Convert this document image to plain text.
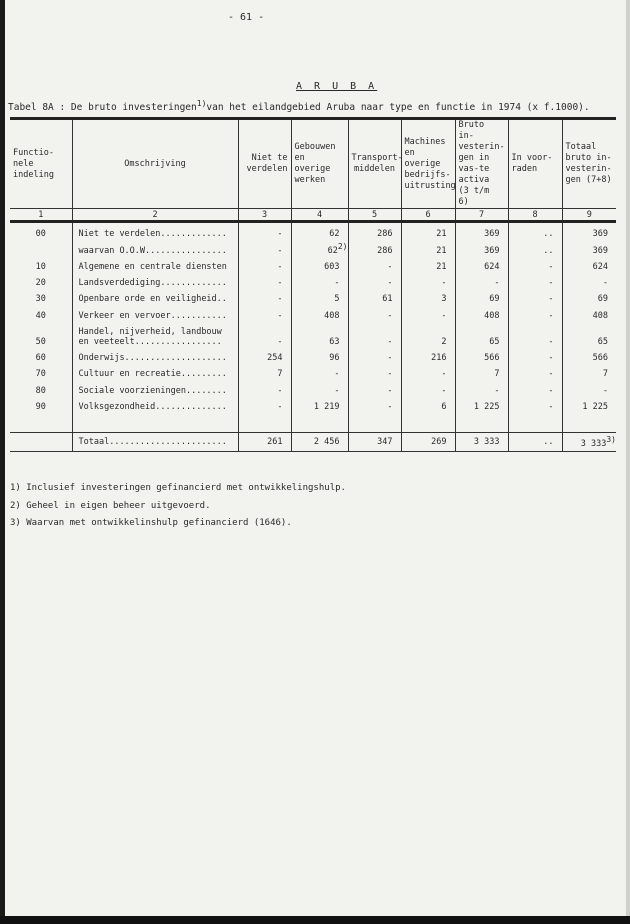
- 61 -
A R U B A
Tabel 8A : De bruto investeringen$^{1)}$van het eilandgebied Aruba naar type en functie in 1974 (x f.1000).
Functio-nele indeling	Omschrijving	Niet te verdelen	Gebouwen en overige werken	Transport-middelen	Machines en overige bedrijfs-uitrusting	Bruto in-vesterin-gen in vas-te activa (3 t/m 6)	In voor-raden	Totaal bruto in-vesterin-gen (7+8)
1	2	3	4	5	6	7	8	9
00	Niet te verdelen.............	-	62	286	21	369	..	369
	waarvan O.O.W................	-	62$^{2)}$	286	21	369	..	369
10	Algemene en centrale diensten	-	603	-	21	624	-	624
20	Landsverdediging.............	-	-	-	-	-	-	-
30	Openbare orde en veiligheid..	-	5	61	3	69	-	69
40	Verkeer en vervoer...........	-	408	-	-	408	-	408
50	Handel, nijverheid, landbouw en veeteelt.................	-	63	-	2	65	-	65
60	Onderwijs....................	254	96	-	216	566	-	566
70	Cultuur en recreatie.........	7	-	-	-	7	-	7
80	Sociale voorzieningen........	-	-	-	-	-	-	-
90	Volksgezondheid..............	-	1 219	-	6	1 225	-	1 225

	Totaal.......................	261	2 456	347	269	3 333	..	3 333$^{3)}$
1) Inclusief investeringen gefinancierd met ontwikkelingshulp.
2) Geheel in eigen beheer uitgevoerd.
3) Waarvan met ontwikkelinshulp gefinancierd (1646).
